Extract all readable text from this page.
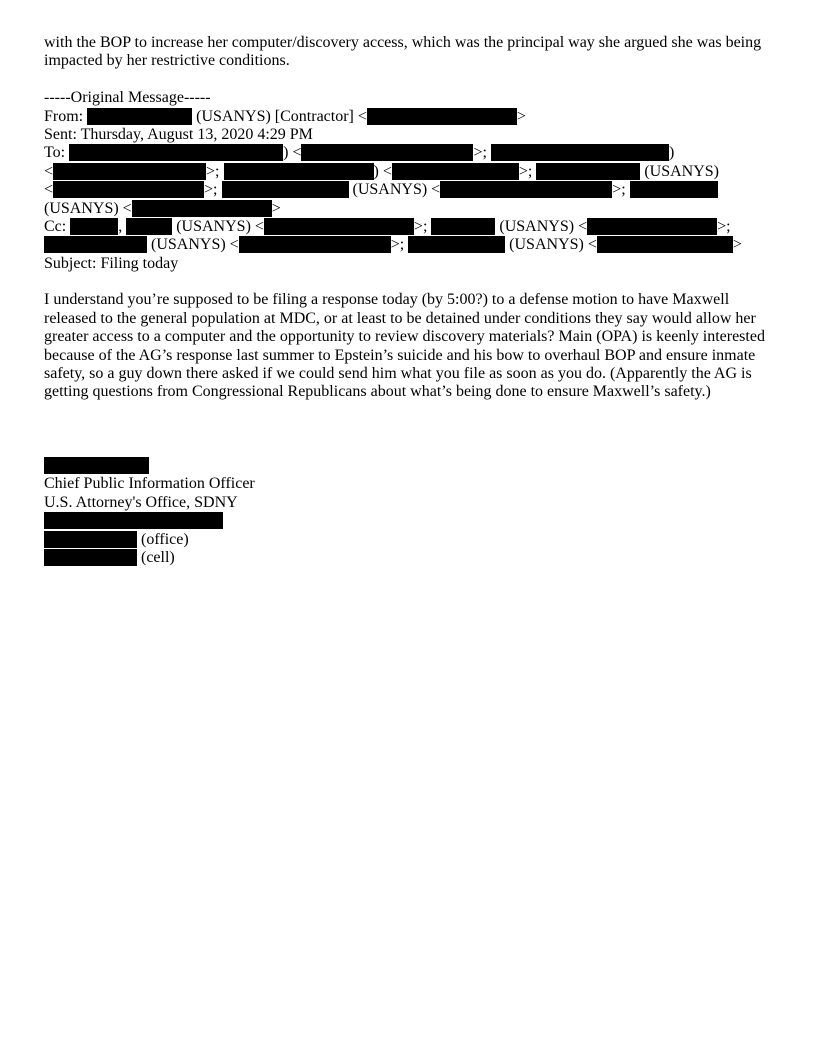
with the BOP to increase her computer/discovery access, which was the principal way she argued she was being
impacted by her restrictive conditions.

-----Original Message-----
From:	(USANYS) [Contractor] <	>
Sent: Thursday, August 13, 2020 4:29 PM
To:	) <	>;	)
<	>;	) <	>;	(USANYS)
<	>;	(USANYS) <	>;
(USANYS) <	>
Cc:	,	(USANYS) <	>;	(USANYS) <	>;
(USANYS) <	>;	(USANYS) <	>
Subject: Filing today

I understand you’re supposed to be filing a response today (by 5:00?) to a defense motion to have Maxwell
released to the general population at MDC, or at least to be detained under conditions they say would allow her
greater access to a computer and the opportunity to review discovery materials? Main (OPA) is keenly interested
because of the AG’s response last summer to Epstein’s suicide and his bow to overhaul BOP and ensure inmate
safety, so a guy down there asked if we could send him what you file as soon as you do. (Apparently the AG is
getting questions from Congressional Republicans about what’s being done to ensure Maxwell’s safety.)

Chief Public Information Officer
U.S. Attorney's Office, SDNY
(office)
(cell)
